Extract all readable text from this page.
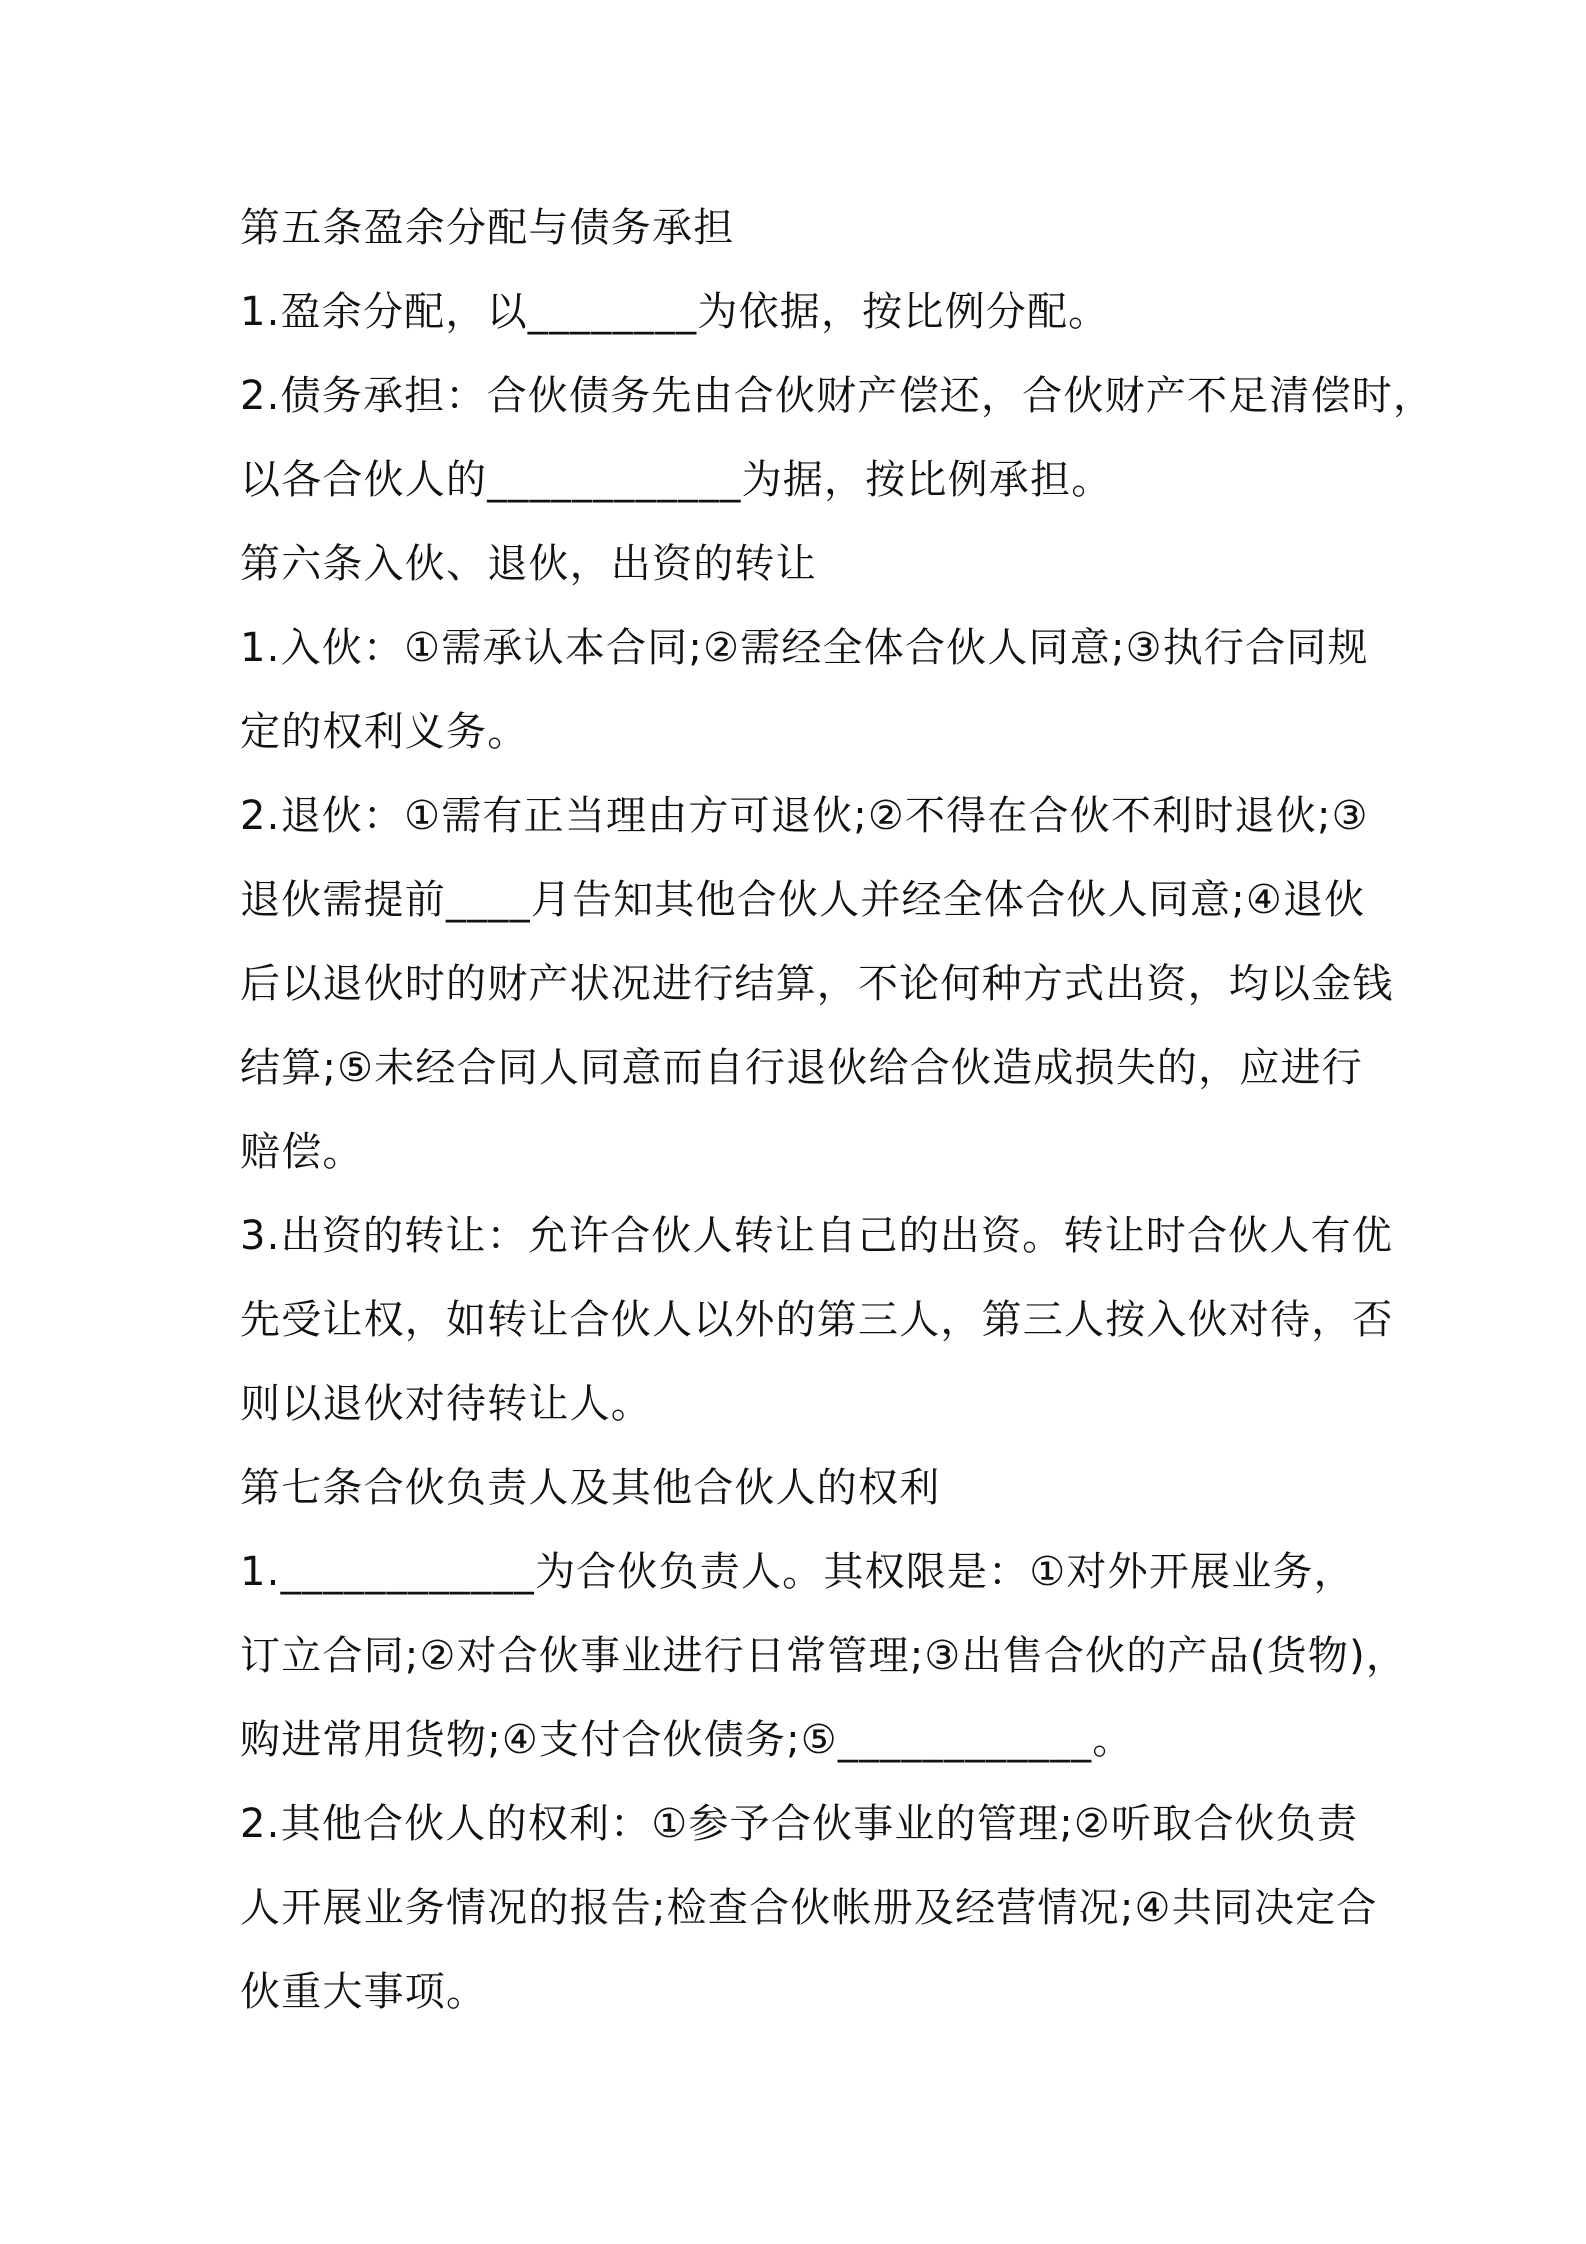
第五条盈余分配与债务承担
1.盈余分配，以________为依据，按比例分配。
2.债务承担：合伙债务先由合伙财产偿还，合伙财产不足清偿时，
以各合伙人的____________为据，按比例承担。
第六条入伙、退伙，出资的转让
1.入伙：①需承认本合同;②需经全体合伙人同意;③执行合同规
定的权利义务。
2.退伙：①需有正当理由方可退伙;②不得在合伙不利时退伙;③
退伙需提前____月告知其他合伙人并经全体合伙人同意;④退伙
后以退伙时的财产状况进行结算，不论何种方式出资，均以金钱
结算;⑤未经合同人同意而自行退伙给合伙造成损失的，应进行
赔偿。
3.出资的转让：允许合伙人转让自己的出资。转让时合伙人有优
先受让权，如转让合伙人以外的第三人，第三人按入伙对待，否
则以退伙对待转让人。
第七条合伙负责人及其他合伙人的权利
1.____________为合伙负责人。其权限是：①对外开展业务，
订立合同;②对合伙事业进行日常管理;③出售合伙的产品(货物)，
购进常用货物;④支付合伙债务;⑤____________。
2.其他合伙人的权利：①参予合伙事业的管理;②听取合伙负责
人开展业务情况的报告;检查合伙帐册及经营情况;④共同决定合
伙重大事项。
